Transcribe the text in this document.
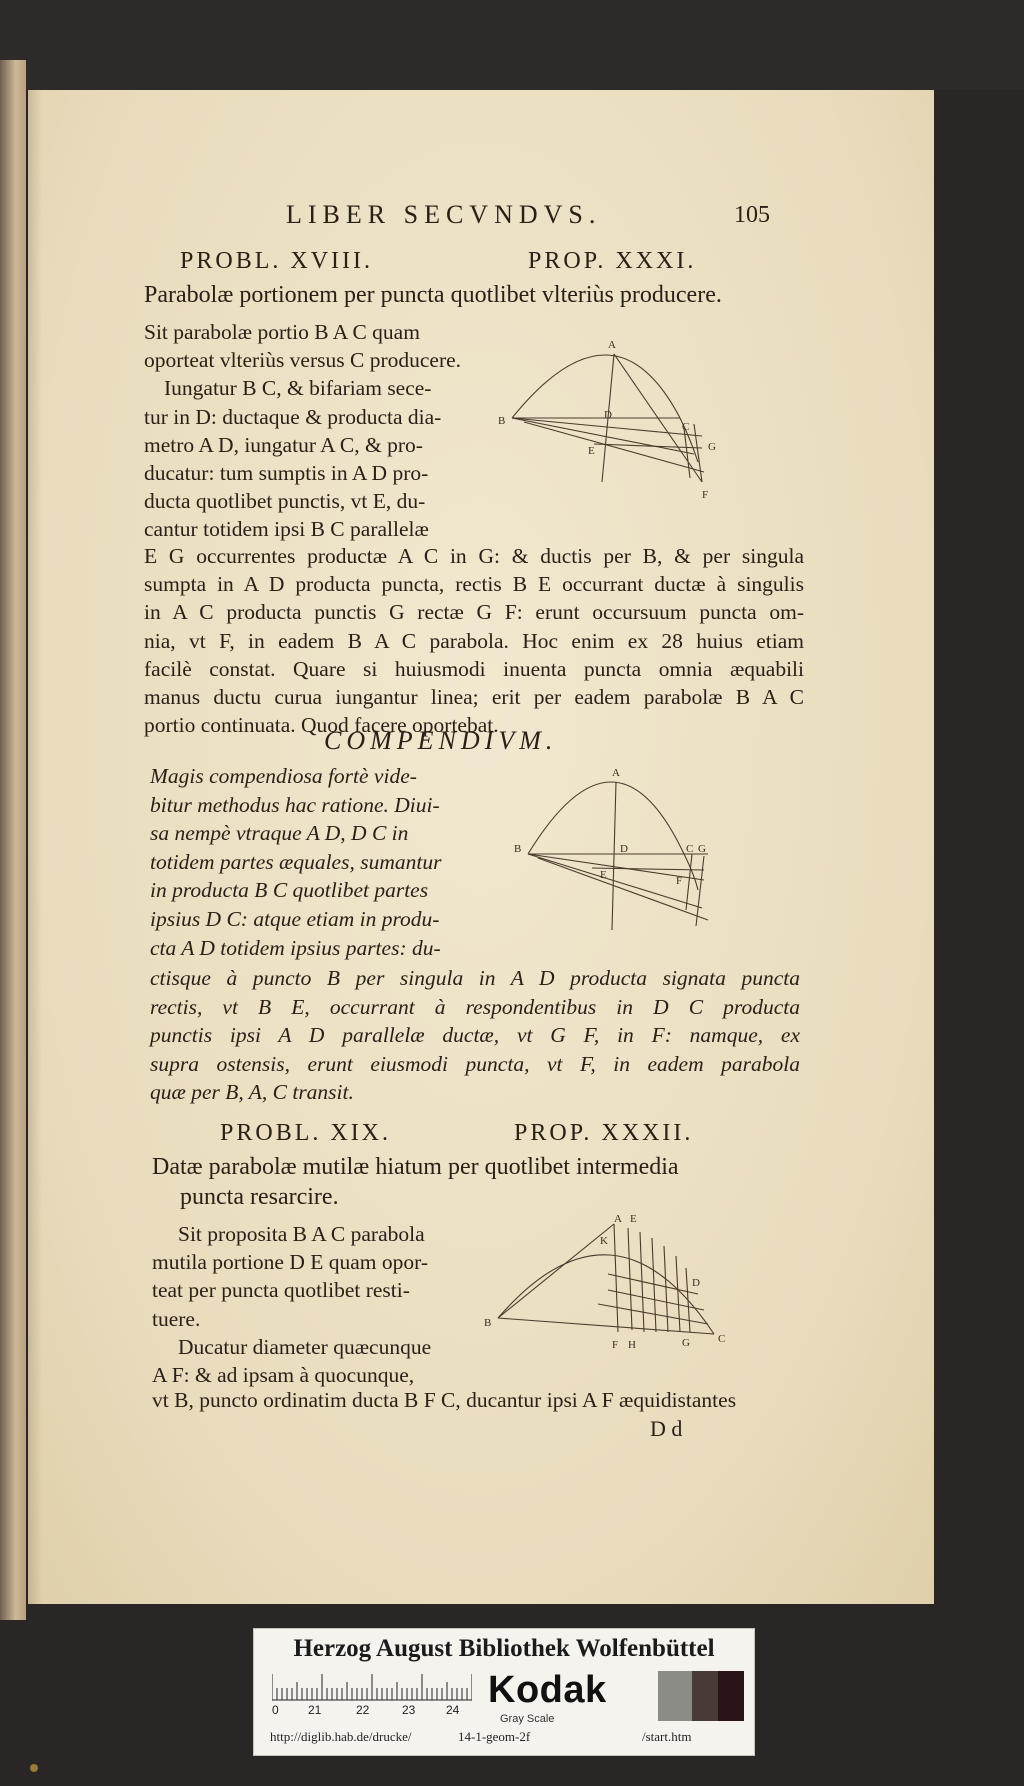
LIBER SECVNDVS.	105
PROBL. XVIII.	PROP. XXXI.
Parabolæ portionem per puncta quotlibet vlteriùs producere.

Sit parabolæ portio B A C quam

oporteat vlteriùs versus C producere.

Iungatur B C, & bifariam sece-

tur in D: ductaque & producta dia-

metro A D, iungatur A C, & pro-

ducatur: tum sumptis in A D pro-

ducta quotlibet punctis, vt E, du-

cantur totidem ipsi B C parallelæ

A
B	C
D
E
F
G

E G occurrentes productæ A C in G: & ductis per B, & per singula

sumpta in A D producta puncta, rectis B E occurrant ductæ à singulis

in A C producta punctis G rectæ G F: erunt occursuum puncta om-

nia, vt F, in eadem B A C parabola. Hoc enim ex 28 huius etiam

facilè constat. Quare si huiusmodi inuenta puncta omnia æquabili

manus ductu curua iungantur linea; erit per eadem parabolæ B A C

portio continuata. Quod facere oportebat.

COMPENDIVM.

Magis compendiosa fortè vide-

bitur methodus hac ratione. Diui-

sa nempè vtraque A D, D C in

totidem partes æquales, sumantur

in producta B C quotlibet partes

ipsius D C: atque etiam in produ-

cta A D totidem ipsius partes: du-

A
B	C
D
E	F
G

ctisque à puncto B per singula in A D producta signata puncta

rectis, vt B E, occurrant à respondentibus in D C producta

punctis ipsi A D parallelæ ductæ, vt G F, in F: namque, ex

supra ostensis, erunt eiusmodi puncta, vt F, in eadem parabola

quæ per B, A, C transit.

PROBL. XIX.	PROP. XXXII.
Datæ parabolæ mutilæ hiatum per quotlibet intermedia
puncta resarcire.

Sit proposita B A C parabola

mutila portione D E quam opor-

teat per puncta quotlibet resti-

tuere.

Ducatur diameter quæcunque

A F: & ad ipsam à quocunque,

A E
B
C
D
F	G
H
K

vt B, puncto ordinatim ducta B F C, ducantur ipsi A F æquidistantes

D d
Herzog August Bibliothek Wolfenbüttel
0 21	22	23	24 Kodak
Gray Scale
http://diglib.hab.de/drucke/	14-1-geom-2f	/start.htm
